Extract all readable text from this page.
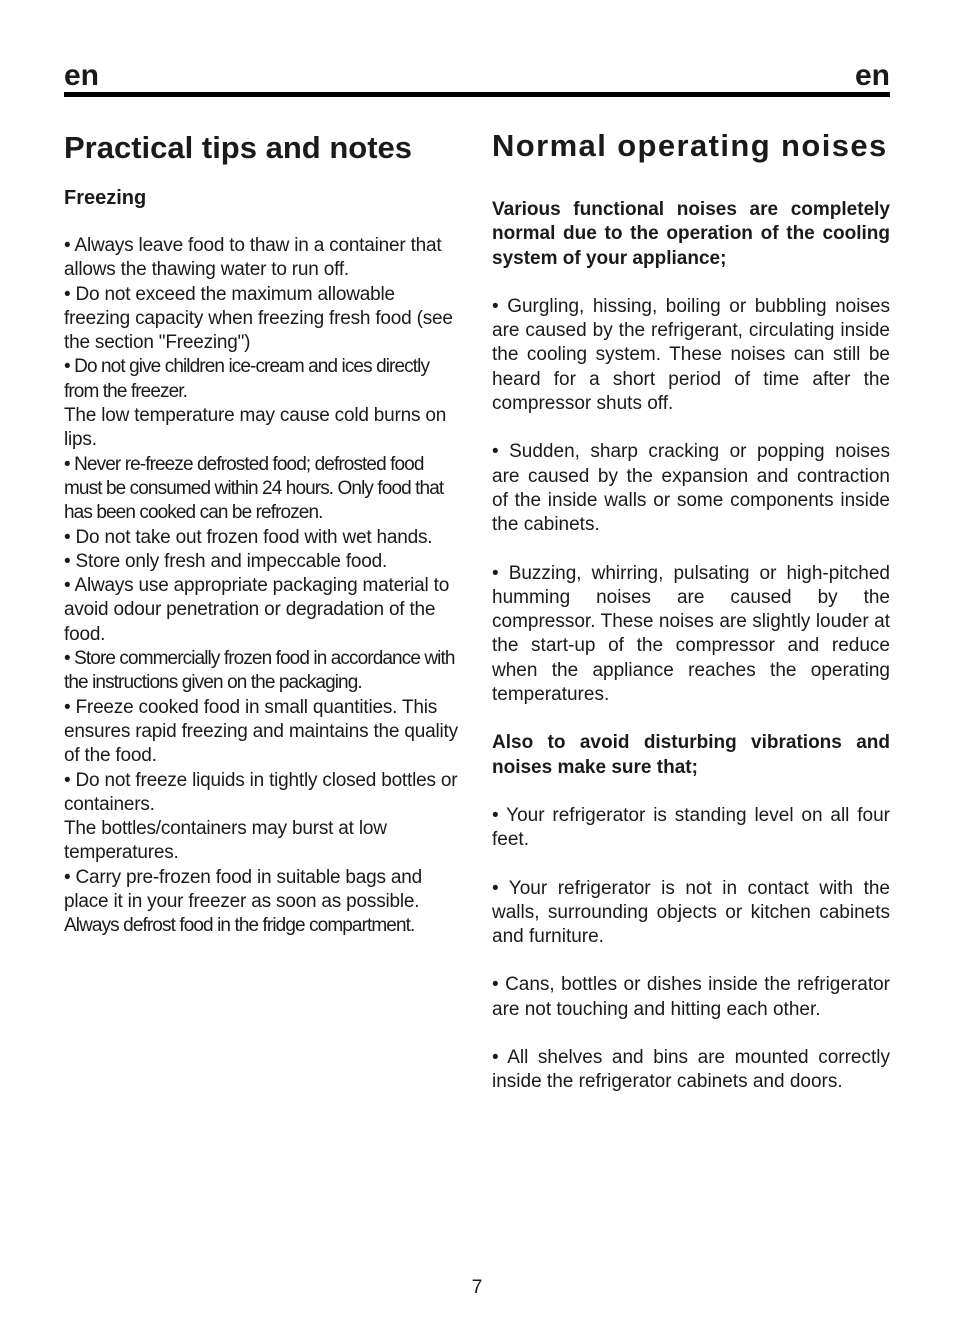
en	en
Practical tips and notes
Freezing

• Always leave food to thaw in a container that allows the thawing water to run off.

• Do not exceed the maximum allowable freezing capacity when freezing fresh food (see the section "Freezing")

• Do not give children ice-cream and ices directly from the freezer.

The low temperature may cause cold burns on lips.

• Never re-freeze defrosted food; defrosted food must be consumed within 24 hours. Only food that has been cooked can be refrozen.

• Do not take out frozen food with wet hands.

• Store only fresh and impeccable food.

• Always use appropriate packaging material to avoid odour penetration or degradation of the food.

• Store commercially frozen food in accordance with the instructions given on the packaging.

• Freeze cooked food in small quantities. This ensures rapid freezing and maintains the quality of the food.

• Do not freeze liquids in tightly closed bottles or containers.

The bottles/containers may burst at low temperatures.

• Carry pre-frozen food in suitable bags and place it in your freezer as soon as possible.

Always defrost food in the fridge compartment.

Normal operating noises

Various functional noises are completely normal due to the operation of the cooling system of your appliance;

• Gurgling, hissing, boiling or bubbling noises are caused by the refrigerant, circulating inside the cooling system. These noises can still be heard for a short period of time after the compressor shuts off.

• Sudden, sharp cracking or popping noises are caused by the expansion and contraction of the inside walls or some components inside the cabinets.

• Buzzing, whirring, pulsating or high-pitched humming noises are caused by the compressor. These noises are slightly louder at the start-up of the compressor and reduce when the appliance reaches the operating temperatures.

Also to avoid disturbing vibrations and noises make sure that;

• Your refrigerator is standing level on all four feet.

• Your refrigerator is not in contact with the walls, surrounding objects or kitchen cabinets and furniture.

• Cans, bottles or dishes inside the refrigerator are not touching and hitting each other.

• All shelves and bins are mounted correctly inside the refrigerator cabinets and doors.

7
